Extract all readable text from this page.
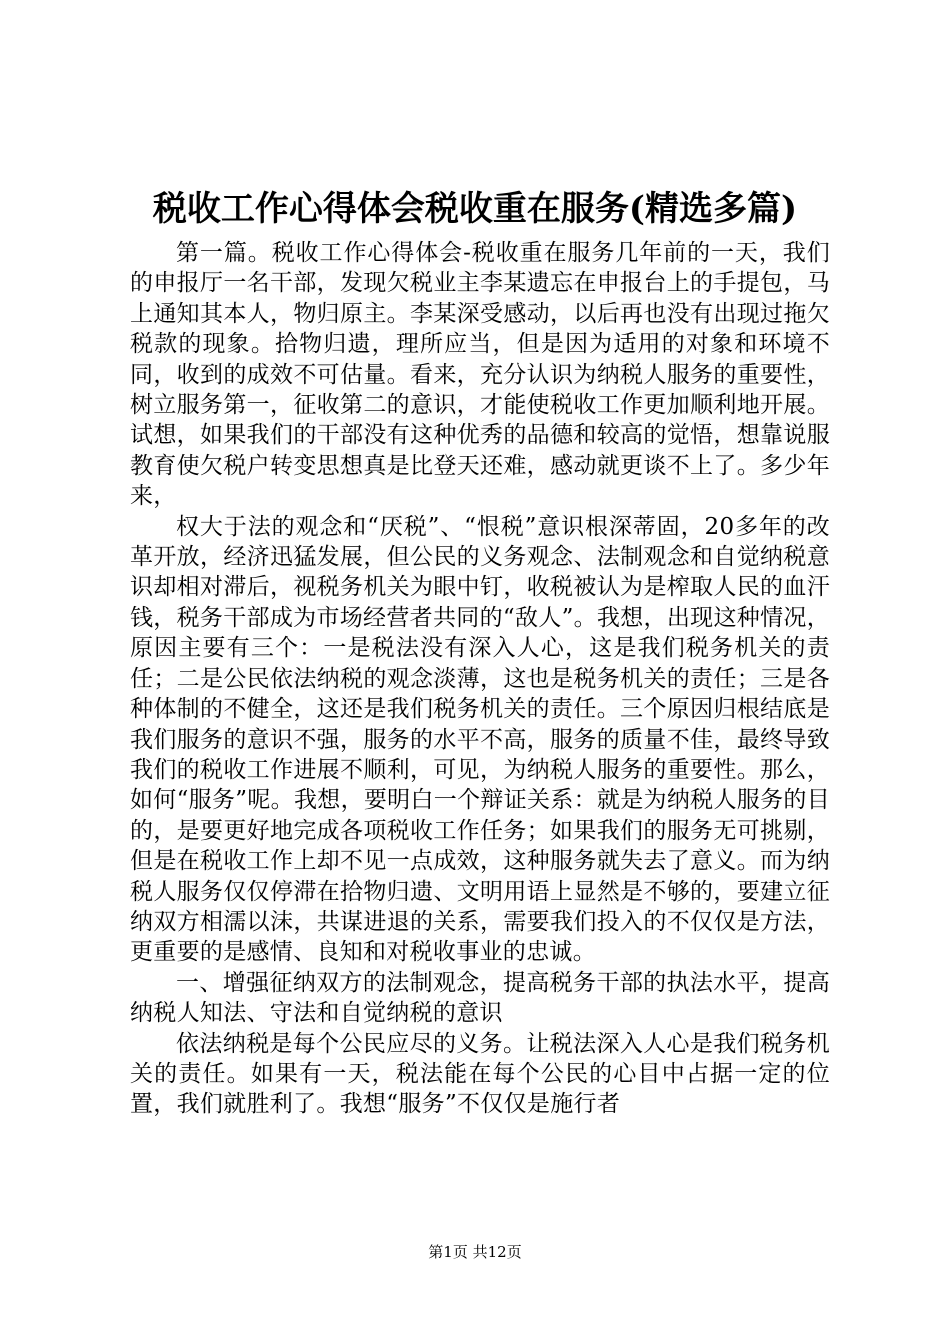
税收工作心得体会税收重在服务(精选多篇)

第一篇。税收工作心得体会-税收重在服务几年前的一天，我们的申报厅一名干部，发现欠税业主李某遗忘在申报台上的手提包，马上通知其本人，物归原主。李某深受感动，以后再也没有出现过拖欠税款的现象。拾物归遗，理所应当，但是因为适用的对象和环境不同，收到的成效不可估量。看来，充分认识为纳税人服务的重要性，树立服务第一，征收第二的意识，才能使税收工作更加顺利地开展。试想，如果我们的干部没有这种优秀的品德和较高的觉悟，想靠说服教育使欠税户转变思想真是比登天还难，感动就更谈不上了。多少年来，

权大于法的观念和“厌税”、“恨税”意识根深蒂固，20多年的改革开放，经济迅猛发展，但公民的义务观念、法制观念和自觉纳税意识却相对滞后，视税务机关为眼中钉，收税被认为是榨取人民的血汗钱，税务干部成为市场经营者共同的“敌人”。我想，出现这种情况，原因主要有三个：一是税法没有深入人心，这是我们税务机关的责任；二是公民依法纳税的观念淡薄，这也是税务机关的责任；三是各种体制的不健全，这还是我们税务机关的责任。三个原因归根结底是我们服务的意识不强，服务的水平不高，服务的质量不佳，最终导致我们的税收工作进展不顺利，可见，为纳税人服务的重要性。那么，如何“服务”呢。我想，要明白一个辩证关系：就是为纳税人服务的目的，是要更好地完成各项税收工作任务；如果我们的服务无可挑剔，但是在税收工作上却不见一点成效，这种服务就失去了意义。而为纳税人服务仅仅停滞在拾物归遗、文明用语上显然是不够的，要建立征纳双方相濡以沫，共谋进退的关系，需要我们投入的不仅仅是方法，更重要的是感情、良知和对税收事业的忠诚。

一、增强征纳双方的法制观念，提高税务干部的执法水平，提高纳税人知法、守法和自觉纳税的意识

依法纳税是每个公民应尽的义务。让税法深入人心是我们税务机关的责任。如果有一天，税法能在每个公民的心目中占据一定的位置，我们就胜利了。我想“服务”不仅仅是施行者

第1页 共12页
